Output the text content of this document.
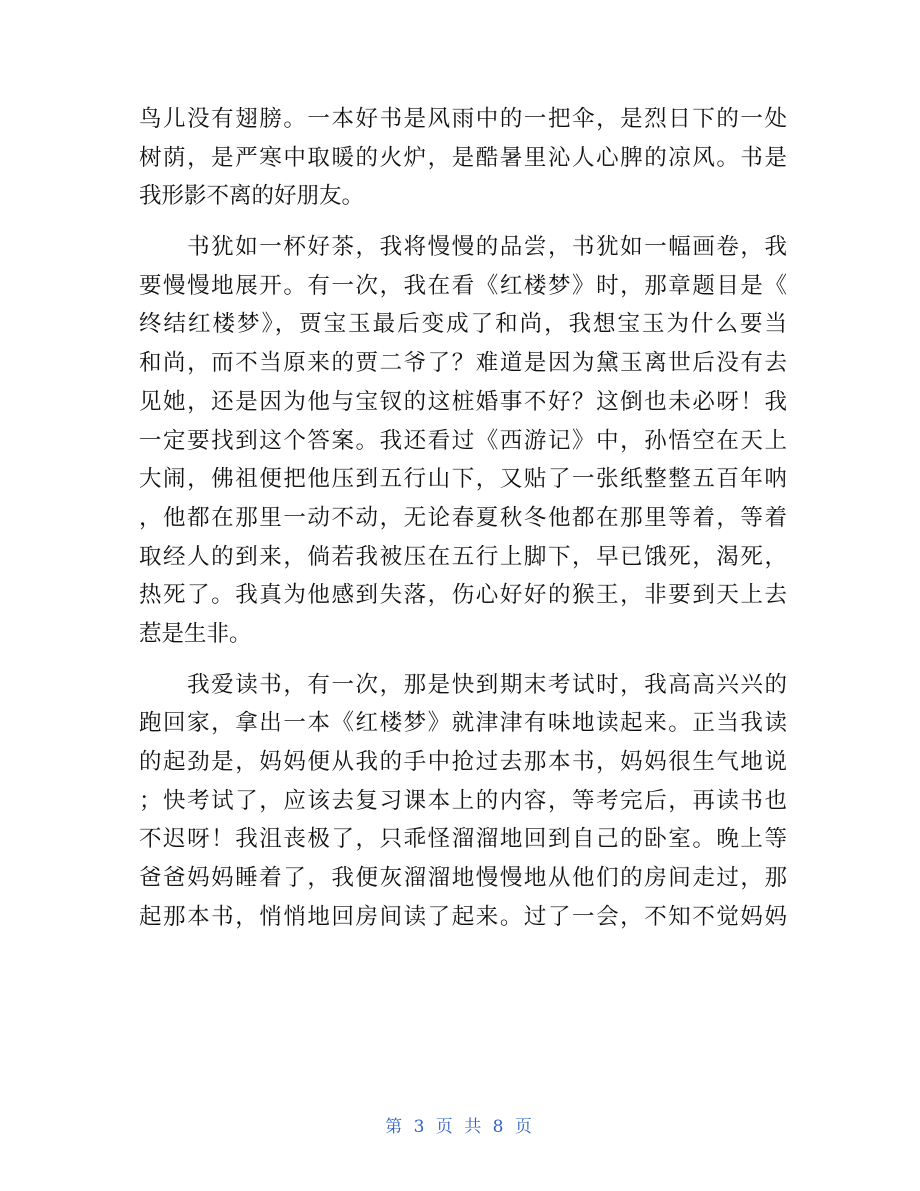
鸟儿没有翅膀。一本好书是风雨中的一把伞，是烈日下的一处
树荫，是严寒中取暖的火炉，是酷暑里沁人心脾的凉风。书是
我形影不离的好朋友。
　　书犹如一杯好茶，我将慢慢的品尝，书犹如一幅画卷，我
要慢慢地展开。有一次，我在看《红楼梦》时，那章题目是《
终结红楼梦》，贾宝玉最后变成了和尚，我想宝玉为什么要当
和尚，而不当原来的贾二爷了？难道是因为黛玉离世后没有去
见她，还是因为他与宝钗的这桩婚事不好？这倒也未必呀！我
一定要找到这个答案。我还看过《西游记》中，孙悟空在天上
大闹，佛祖便把他压到五行山下，又贴了一张纸整整五百年呐
，他都在那里一动不动，无论春夏秋冬他都在那里等着，等着
取经人的到来，倘若我被压在五行上脚下，早已饿死，渴死，
热死了。我真为他感到失落，伤心好好的猴王，非要到天上去
惹是生非。
　　我爱读书，有一次，那是快到期末考试时，我高高兴兴的
跑回家，拿出一本《红楼梦》就津津有味地读起来。正当我读
的起劲是，妈妈便从我的手中抢过去那本书，妈妈很生气地说
；快考试了，应该去复习课本上的内容，等考完后，再读书也
不迟呀！我沮丧极了，只乖怪溜溜地回到自己的卧室。晚上等
爸爸妈妈睡着了，我便灰溜溜地慢慢地从他们的房间走过，那
起那本书，悄悄地回房间读了起来。过了一会，不知不觉妈妈
第 3 页 共 8 页
